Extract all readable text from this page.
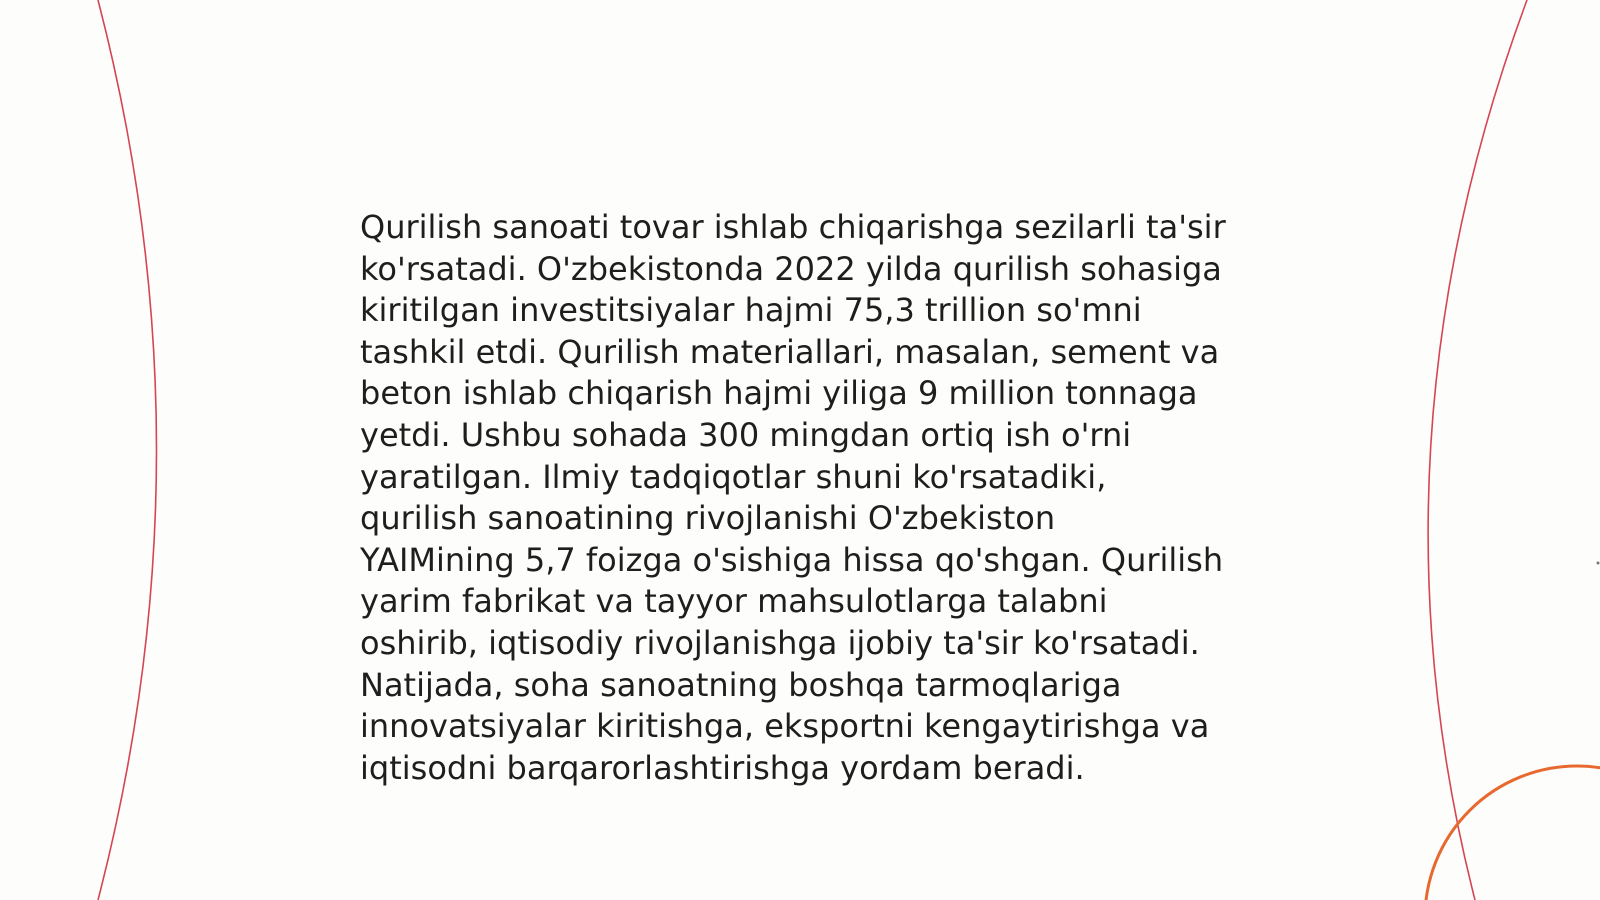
Qurilish sanoati tovar ishlab chiqarishga sezilarli ta'sir
ko'rsatadi. O'zbekistonda 2022 yilda qurilish sohasiga
kiritilgan investitsiyalar hajmi 75,3 trillion so'mni
tashkil etdi. Qurilish materiallari, masalan, sement va
beton ishlab chiqarish hajmi yiliga 9 million tonnaga
yetdi. Ushbu sohada 300 mingdan ortiq ish o'rni
yaratilgan. Ilmiy tadqiqotlar shuni ko'rsatadiki,
qurilish sanoatining rivojlanishi O'zbekiston
YAIMining 5,7 foizga o'sishiga hissa qo'shgan. Qurilish
yarim fabrikat va tayyor mahsulotlarga talabni
oshirib, iqtisodiy rivojlanishga ijobiy ta'sir ko'rsatadi.
Natijada, soha sanoatning boshqa tarmoqlariga
innovatsiyalar kiritishga, eksportni kengaytirishga va
iqtisodni barqarorlashtirishga yordam beradi.
